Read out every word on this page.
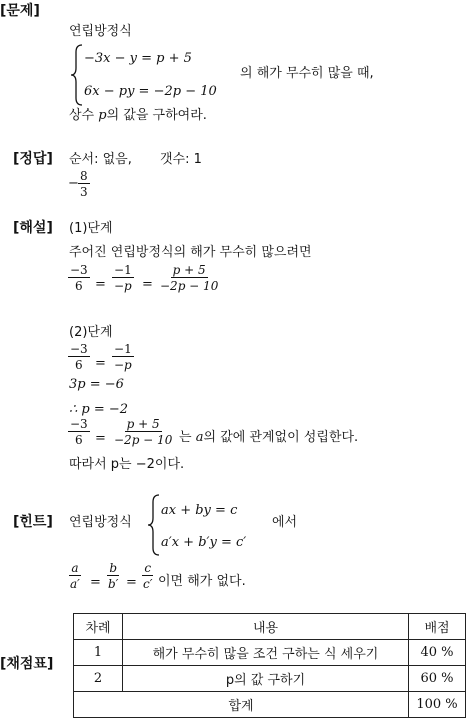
[문제]
연립방정식
−3x − y = p + 5
6x − py = −2p − 10
의 해가 무수히 많을 때,
상수 p의 값을 구하여라.
[정답] 순서: 없음, 갯수: 1
− $\frac{8}{3}$
[해설] (1)단계
주어진 연립방정식의 해가 무수히 많으려면
$\frac{-3}{6} = \frac{-1}{-p} = \frac{p + 5}{-2p - 10}$
(2)단계
$\frac{-3}{6} = \frac{-1}{-p}$
3p = −6
∴ p = −2
$\frac{-3}{6} = \frac{p + 5}{-2p - 10}$ 는 a의 값에 관계없이 성립한다.
따라서 p는 −2이다.
[힌트] 연립방정식
ax + by = c
a′x + b′y = c′
에서
$\frac{a}{a'} = \frac{b}{b'} = \frac{c}{c'}$ 이면 해가 없다.
[채점표]
차례	내용	배점
1	해가 무수히 많을 조건 구하는 식 세우기	40 %
2	p의 값 구하기	60 %
합계		100 %
